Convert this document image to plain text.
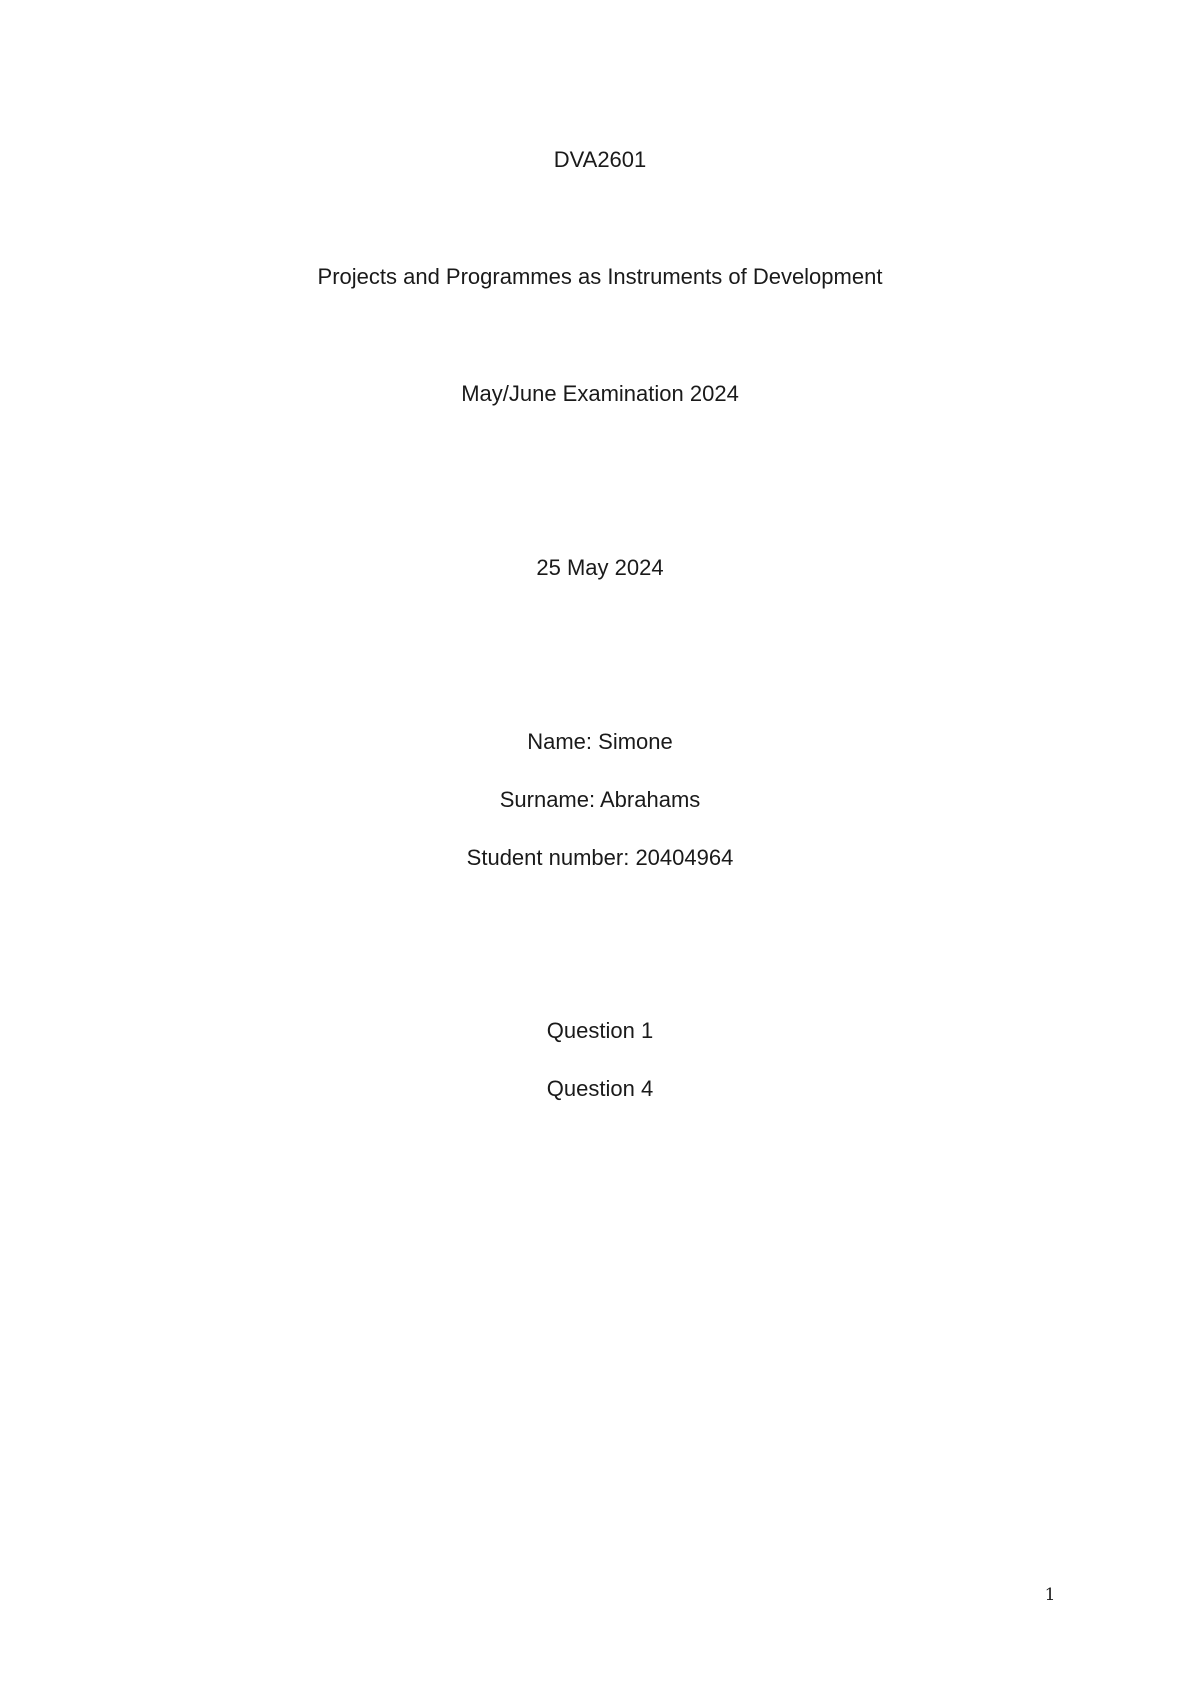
DVA2601
Projects and Programmes as Instruments of Development
May/June Examination 2024
25 May 2024
Name: Simone
Surname: Abrahams
Student number: 20404964
Question 1
Question 4
1
